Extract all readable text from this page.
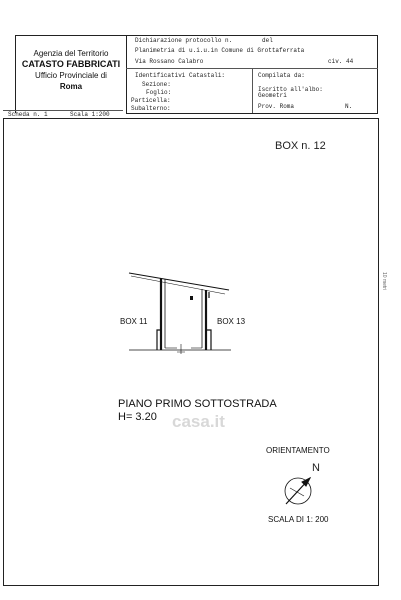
Agenzia del Territorio
CATASTO FABBRICATI
Ufficio Provinciale di
Roma
Dichiarazione protocollo n.	del
Planimetria di u.i.u.in Comune di Grottaferrata
Via Rossano Calabro	civ. 44
Identificativi Catastali:
Sezione:
Foglio:
Particella:
Subalterno:
Compilata da:
Iscritto all'albo:
Geometri
Prov. Roma	N.
Scheda n. 1	Scala 1:200
10 metri
BOX n. 12
BOX 11	BOX 13
casa.it
PIANO PRIMO SOTTOSTRADA
H= 3.20
ORIENTAMENTO
N
SCALA DI 1: 200
